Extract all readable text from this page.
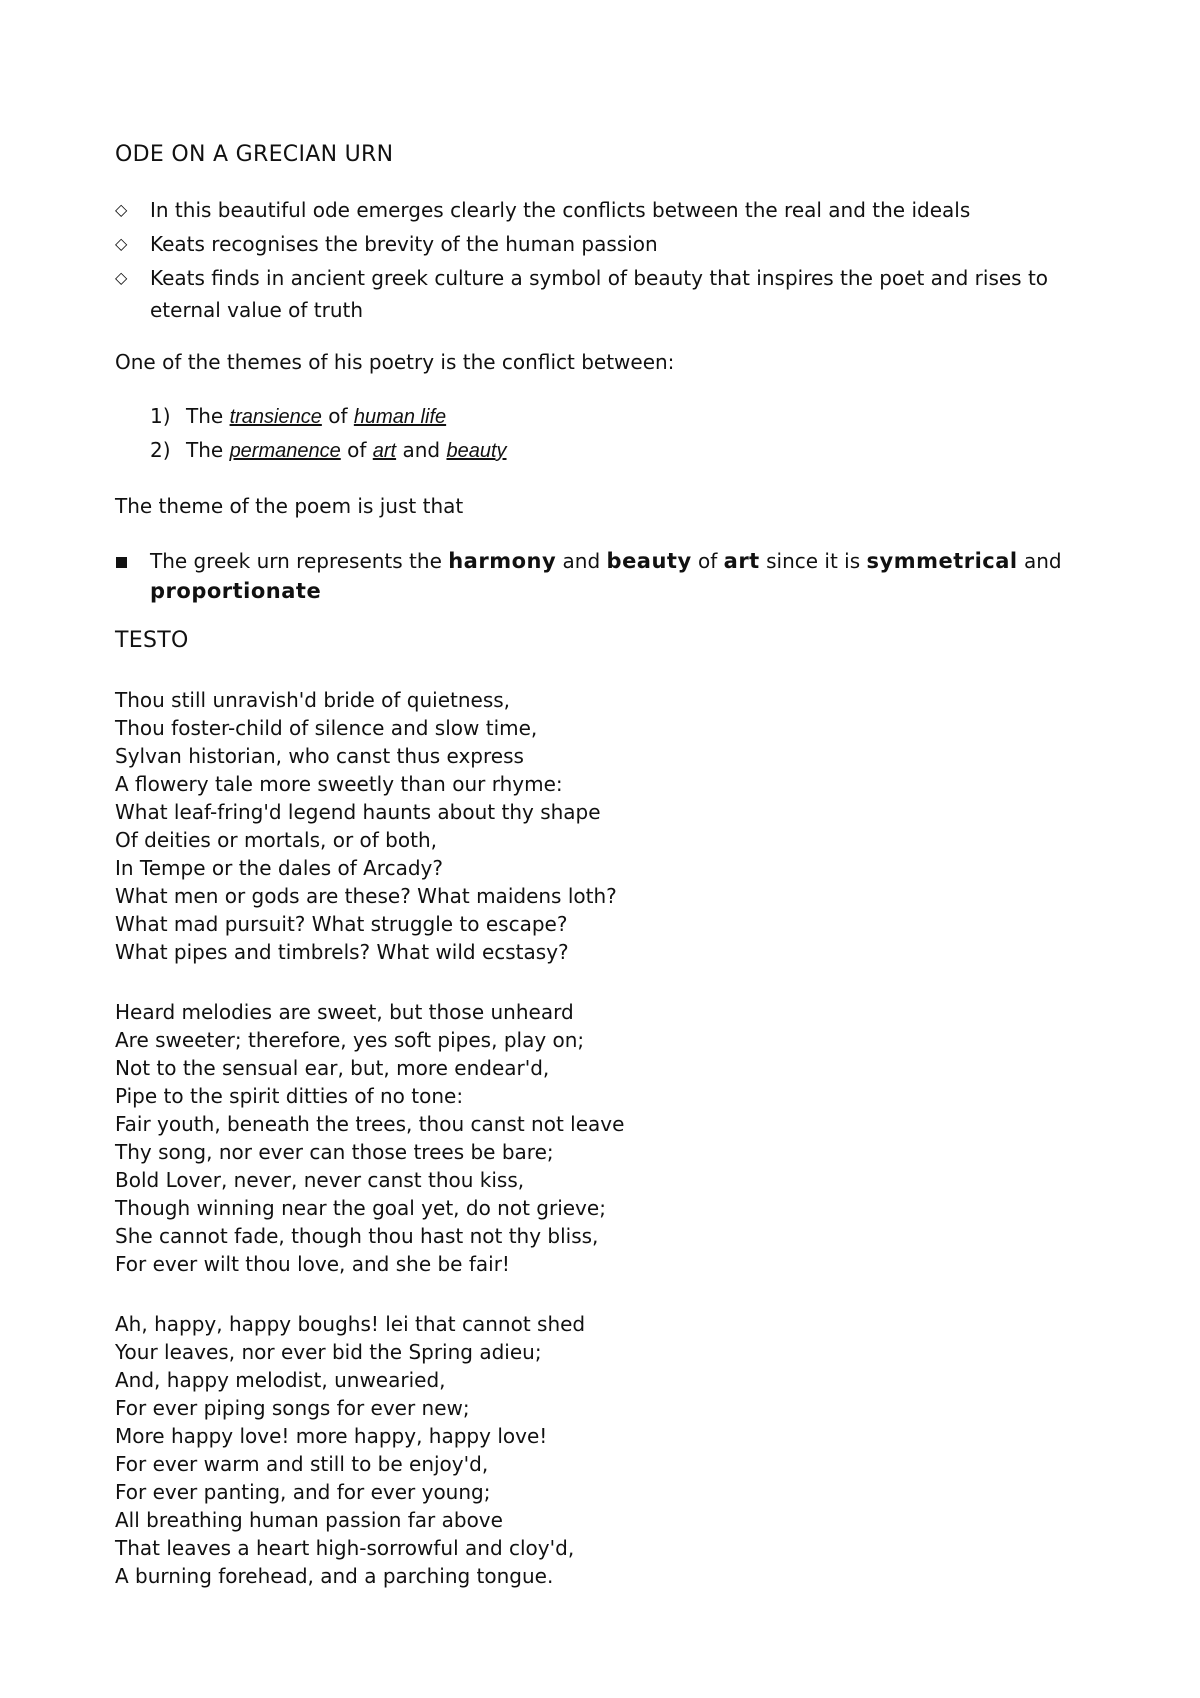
ODE ON A GRECIAN URN
◇ In this beautiful ode emerges clearly the conflicts between the real and the ideals
◇ Keats recognises the brevity of the human passion
◇ Keats finds in ancient greek culture a symbol of beauty that inspires the poet and rises to eternal value of truth
One of the themes of his poetry is the conflict between:
1) The transience of human life
2) The permanence of art and beauty
The theme of the poem is just that
The greek urn represents the harmony and beauty of art since it is symmetrical and proportionate
TESTO
Thou still unravish'd bride of quietness,
Thou foster-child of silence and slow time,
Sylvan historian, who canst thus express
A flowery tale more sweetly than our rhyme:
What leaf-fring'd legend haunts about thy shape
Of deities or mortals, or of both,
In Tempe or the dales of Arcady?
What men or gods are these? What maidens loth?
What mad pursuit? What struggle to escape?
What pipes and timbrels? What wild ecstasy?
Heard melodies are sweet, but those unheard
Are sweeter; therefore, yes soft pipes, play on;
Not to the sensual ear, but, more endear'd,
Pipe to the spirit ditties of no tone:
Fair youth, beneath the trees, thou canst not leave
Thy song, nor ever can those trees be bare;
Bold Lover, never, never canst thou kiss,
Though winning near the goal yet, do not grieve;
She cannot fade, though thou hast not thy bliss,
For ever wilt thou love, and she be fair!
Ah, happy, happy boughs! lei that cannot shed
Your leaves, nor ever bid the Spring adieu;
And, happy melodist, unwearied,
For ever piping songs for ever new;
More happy love! more happy, happy love!
For ever warm and still to be enjoy'd,
For ever panting, and for ever young;
All breathing human passion far above
That leaves a heart high-sorrowful and cloy'd,
A burning forehead, and a parching tongue.
